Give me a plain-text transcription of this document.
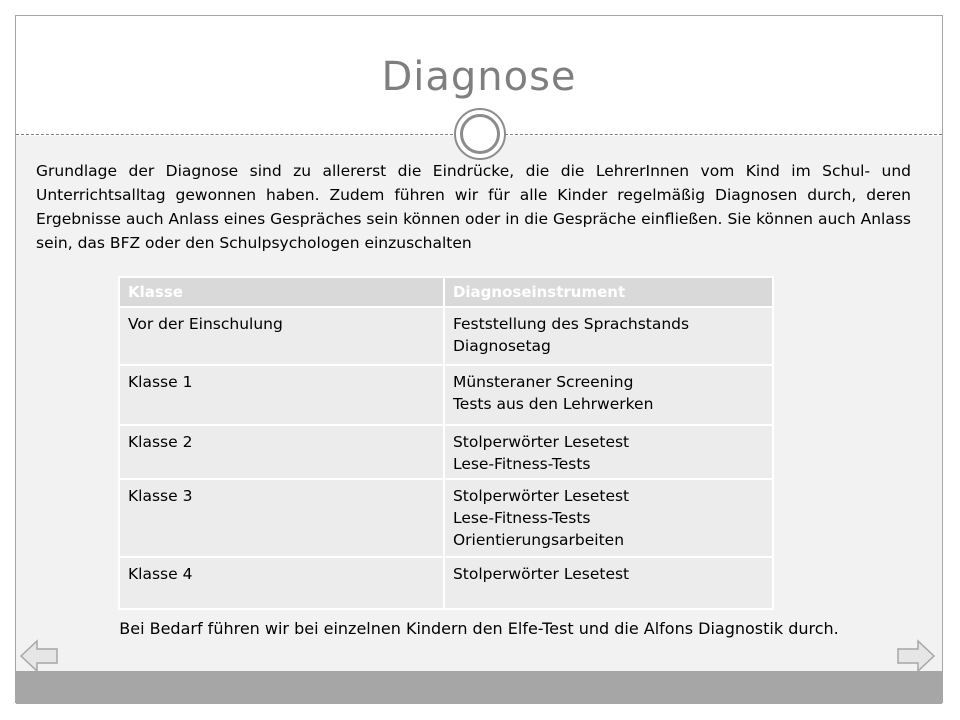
Diagnose
Grundlage der Diagnose sind zu allererst die Eindrücke, die die LehrerInnen vom Kind im Schul- und Unterrichtsalltag gewonnen haben. Zudem führen wir für alle Kinder regelmäßig Diagnosen durch, deren Ergebnisse auch Anlass eines Gespräches sein können oder in die Gespräche einfließen. Sie können auch Anlass sein, das BFZ oder den Schulpsychologen einzuschalten
Klasse	Diagnoseinstrument
Vor der Einschulung	Feststellung des Sprachstands
Diagnosetag

Klasse 1	Münsteraner Screening
Tests aus den Lehrwerken

Klasse 2	Stolperwörter Lesetest
Lese-Fitness-Tests

Klasse 3	Stolperwörter Lesetest
Lese-Fitness-Tests
Orientierungsarbeiten

Klasse 4	Stolperwörter Lesetest
Bei Bedarf führen wir bei einzelnen Kindern den Elfe-Test und die Alfons Diagnostik durch.
